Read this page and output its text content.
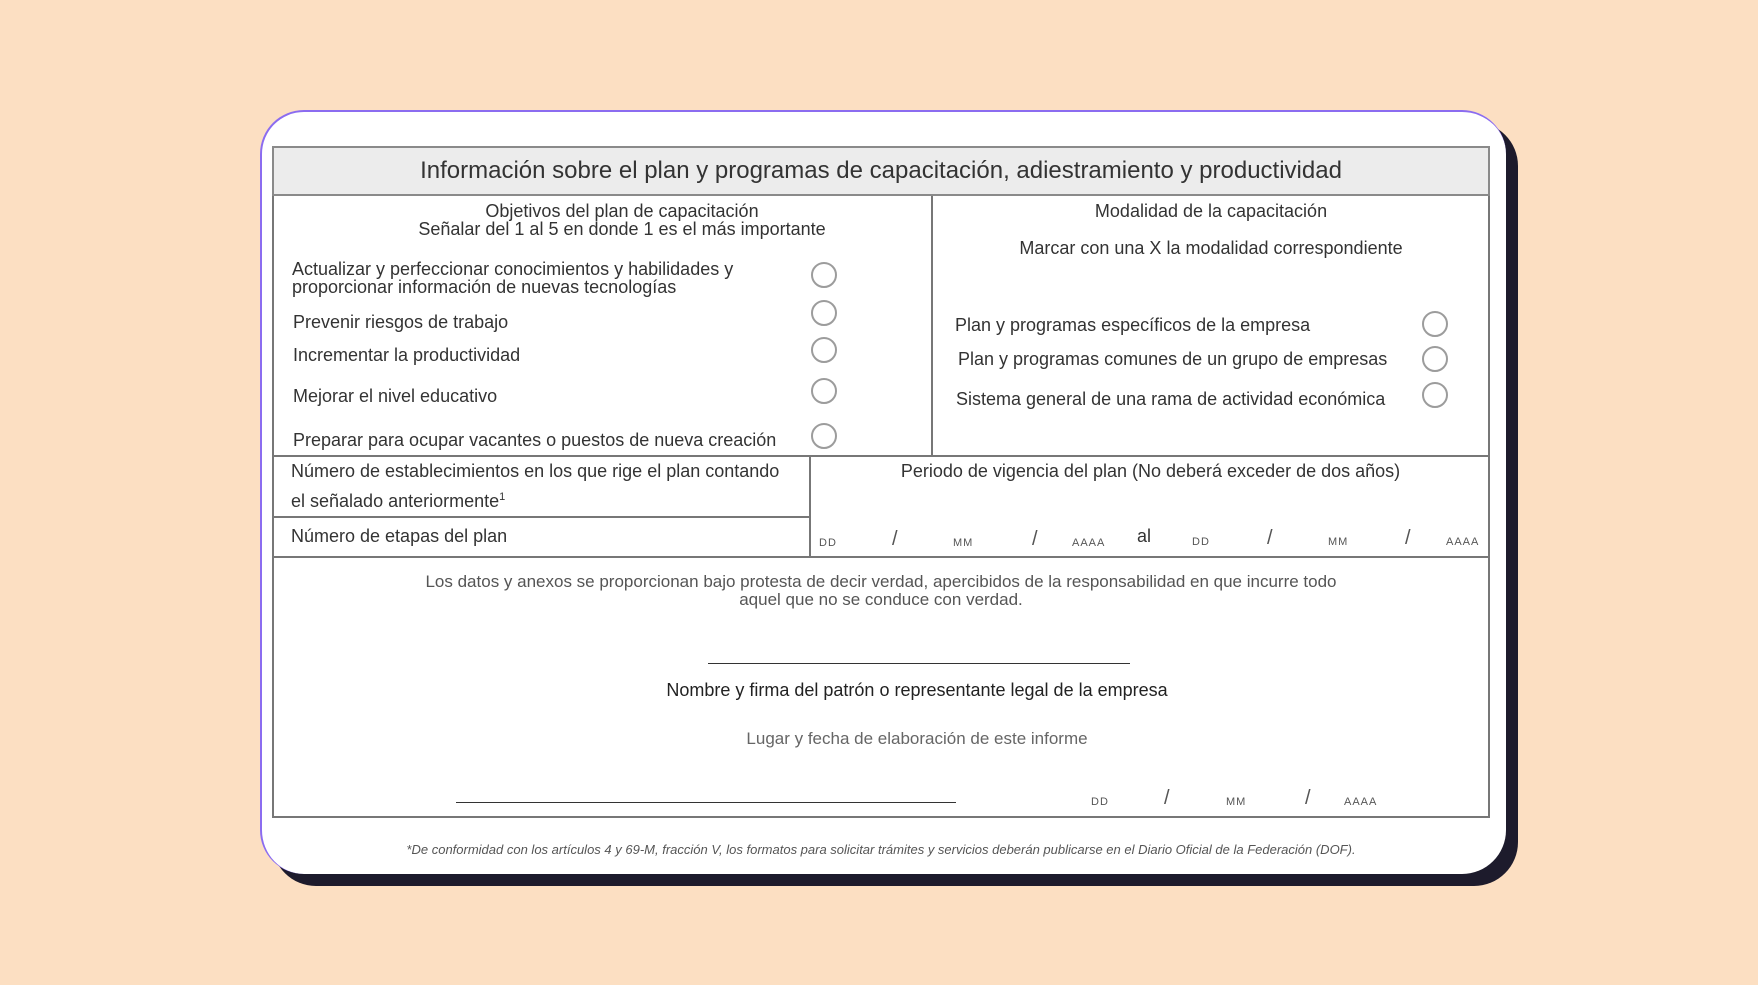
Información sobre el plan y programas de capacitación, adiestramiento y productividad
Objetivos del plan de capacitación
Señalar del 1 al 5 en donde 1 es el más importante
Actualizar y perfeccionar conocimientos y habilidades y
proporcionar información de nuevas tecnologías
Prevenir riesgos de trabajo
Incrementar la productividad
Mejorar el nivel educativo
Preparar para ocupar vacantes o puestos de nueva creación
Modalidad de la capacitación
Marcar con una X la modalidad correspondiente
Plan y programas específicos de la empresa
Plan y programas comunes de un grupo de empresas
Sistema general de una rama de actividad económica
Número de establecimientos en los que rige el plan contando
el señalado anteriormente$^1$
Número de etapas del plan
Periodo de vigencia del plan (No deberá exceder de dos años)
DD	/	MM	/	AAAA al	DD	/	MM	/	AAAA
Los datos y anexos se proporcionan bajo protesta de decir verdad, apercibidos de la responsabilidad en que incurre todo
aquel que no se conduce con verdad.
Nombre y firma del patrón o representante legal de la empresa
Lugar y fecha de elaboración de este informe
DD	/	MM	/	AAAA
*De conformidad con los artículos 4 y 69-M, fracción V, los formatos para solicitar trámites y servicios deberán publicarse en el Diario Oficial de la Federación (DOF).
